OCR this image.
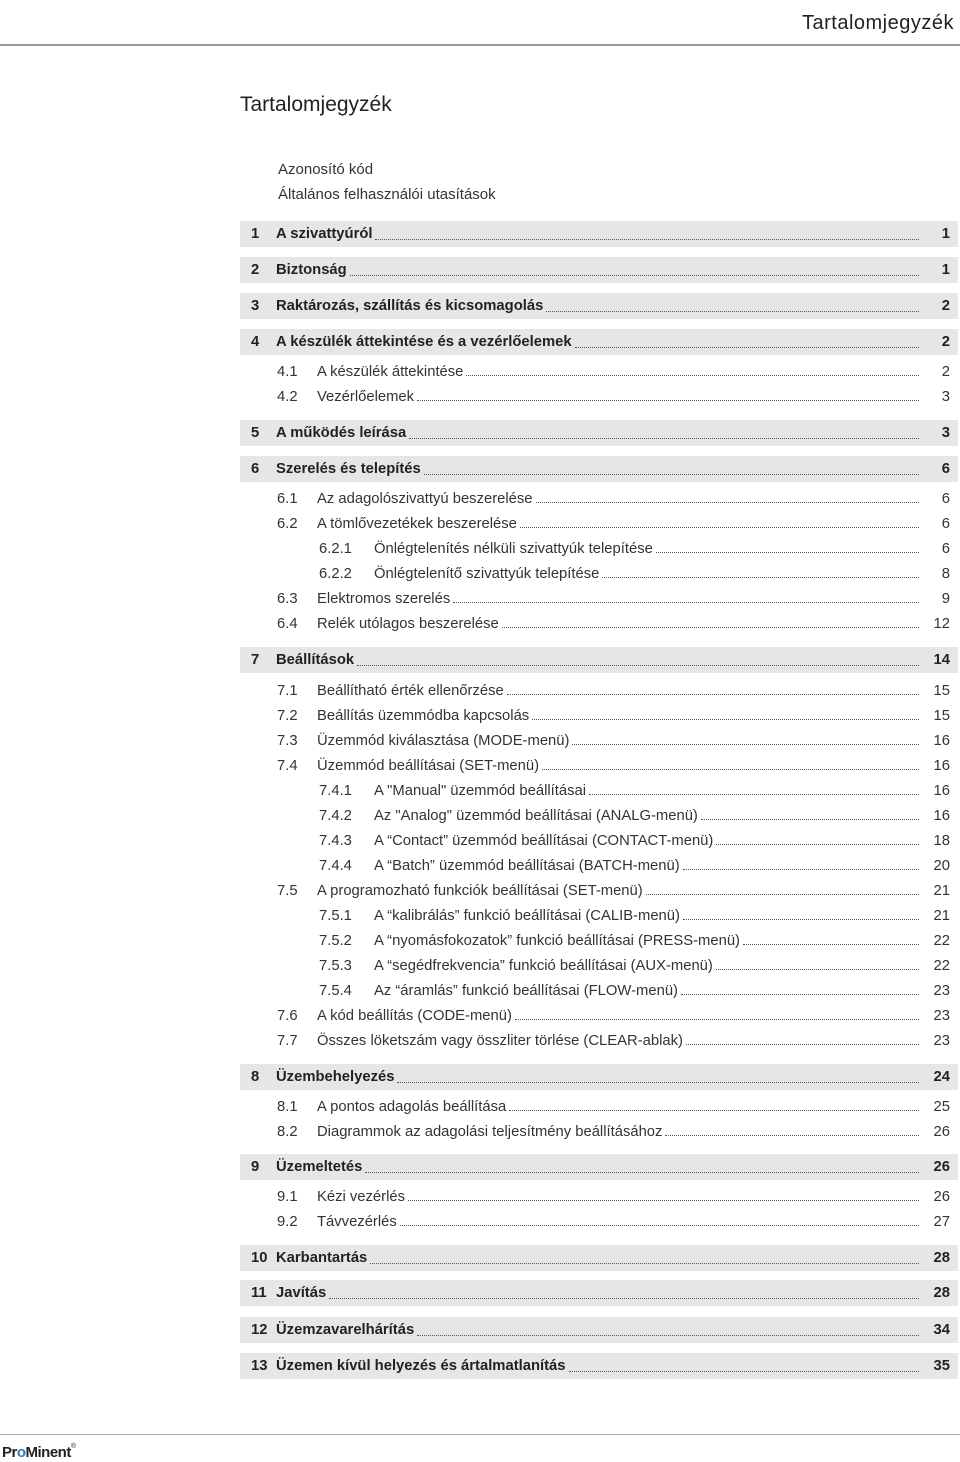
Tartalomjegyzék
Tartalomjegyzék
Azonosító kód
Általános felhasználói utasítások
1	A szivattyúról	1
2	Biztonság	1
3	Raktározás, szállítás és kicsomagolás	2
4	A készülék áttekintése és a vezérlőelemek	2
4.1	A készülék áttekintése	2
4.2	Vezérlőelemek	3
5	A működés leírása	3
6	Szerelés és telepítés	6
6.1	Az adagolószivattyú beszerelése	6
6.2	A tömlővezetékek beszerelése	6
6.2.1	Önlégtelenítés nélküli szivattyúk telepítése	6
6.2.2	Önlégtelenítő szivattyúk telepítése	8
6.3	Elektromos szerelés	9
6.4	Relék utólagos beszerelése	12
7	Beállítások	14
7.1	Beállítható érték ellenőrzése	15
7.2	Beállítás üzemmódba kapcsolás	15
7.3	Üzemmód kiválasztása (MODE-menü)	16
7.4	Üzemmód beállításai (SET-menü)	16
7.4.1	A "Manual" üzemmód beállításai	16
7.4.2	Az "Analog" üzemmód beállításai (ANALG-menü)	16
7.4.3	A “Contact” üzemmód beállításai (CONTACT-menü)	18
7.4.4	A “Batch” üzemmód beállításai (BATCH-menü)	20
7.5	A programozható funkciók beállításai (SET-menü)	21
7.5.1	A “kalibrálás” funkció beállításai (CALIB-menü)	21
7.5.2	A “nyomásfokozatok” funkció beállításai (PRESS-menü)	22
7.5.3	A “segédfrekvencia” funkció beállításai (AUX-menü)	22
7.5.4	Az “áramlás” funkció beállításai (FLOW-menü)	23
7.6	A kód beállítás (CODE-menü)	23
7.7	Összes löketszám vagy összliter törlése (CLEAR-ablak)	23
8	Üzembehelyezés	24
8.1	A pontos adagolás beállítása	25
8.2	Diagrammok az adagolási teljesítmény beállításához	26
9	Üzemeltetés	26
9.1	Kézi vezérlés	26
9.2	Távvezérlés	27
10 Karbantartás	28
11 Javítás	28
12 Üzemzavarelhárítás	34
13 Üzemen kívül helyezés és ártalmatlanítás	35
ProMinent®
